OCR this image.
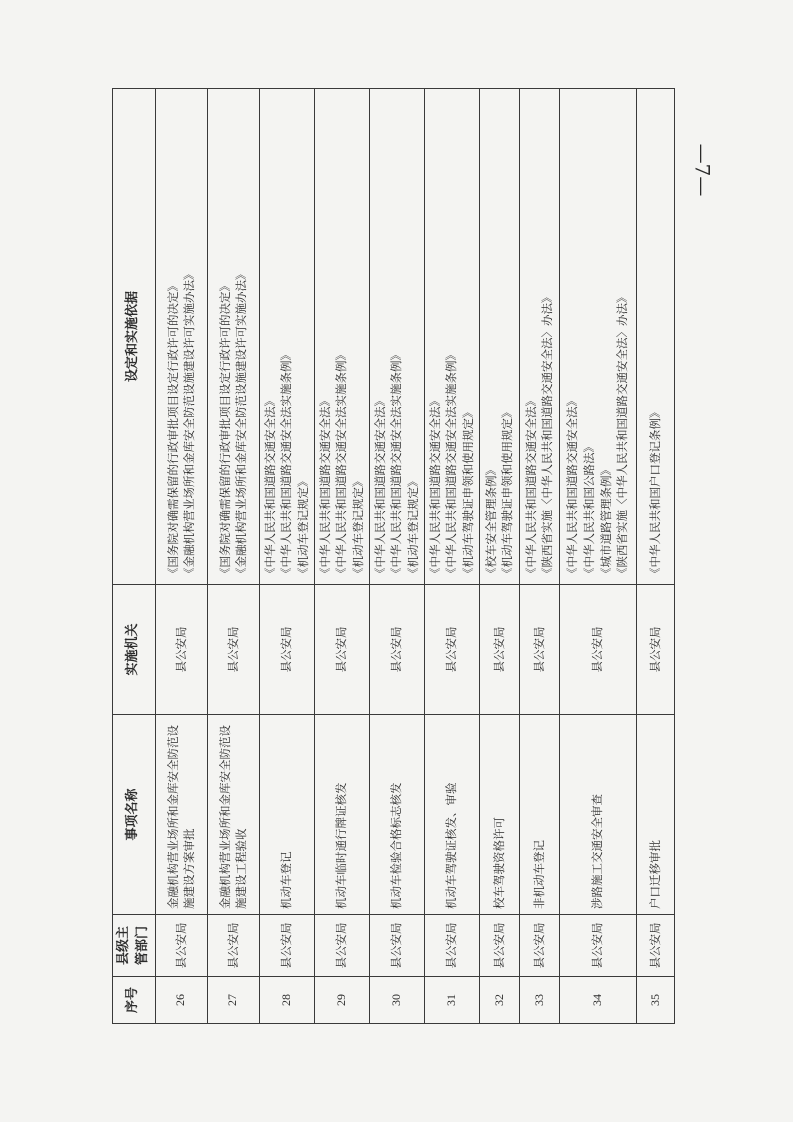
—7—
序号	县级主管部门	事项名称	实施机关	设定和实施依据
26	县公安局	金融机构营业场所和金库安全防范设施建设方案审批	县公安局	《国务院对确需保留的行政审批项目设定行政许可的决定》 《金融机构营业场所和金库安全防范设施建设许可实施办法》

27	县公安局	金融机构营业场所和金库安全防范设施建设工程验收	县公安局	《国务院对确需保留的行政审批项目设定行政许可的决定》 《金融机构营业场所和金库安全防范设施建设许可实施办法》

28	县公安局	机动车登记	县公安局	《中华人民共和国道路交通安全法》 《中华人民共和国道路交通安全法实施条例》 《机动车登记规定》

29	县公安局	机动车临时通行牌证核发	县公安局	《中华人民共和国道路交通安全法》 《中华人民共和国道路交通安全法实施条例》 《机动车登记规定》

30	县公安局	机动车检验合格标志核发	县公安局	《中华人民共和国道路交通安全法》 《中华人民共和国道路交通安全法实施条例》 《机动车登记规定》

31	县公安局	机动车驾驶证核发、审验	县公安局	《中华人民共和国道路交通安全法》 《中华人民共和国道路交通安全法实施条例》 《机动车驾驶证申领和使用规定》

32	县公安局	校车驾驶资格许可	县公安局	《校车安全管理条例》 《机动车驾驶证申领和使用规定》

33	县公安局	非机动车登记	县公安局	《中华人民共和国道路交通安全法》 《陕西省实施〈中华人民共和国道路交通安全法〉办法》

34	县公安局	涉路施工交通安全审查	县公安局	《中华人民共和国道路交通安全法》 《中华人民共和国公路法》 《城市道路管理条例》 《陕西省实施〈中华人民共和国道路交通安全法〉办法》

35	县公安局	户口迁移审批	县公安局	《中华人民共和国户口登记条例》
